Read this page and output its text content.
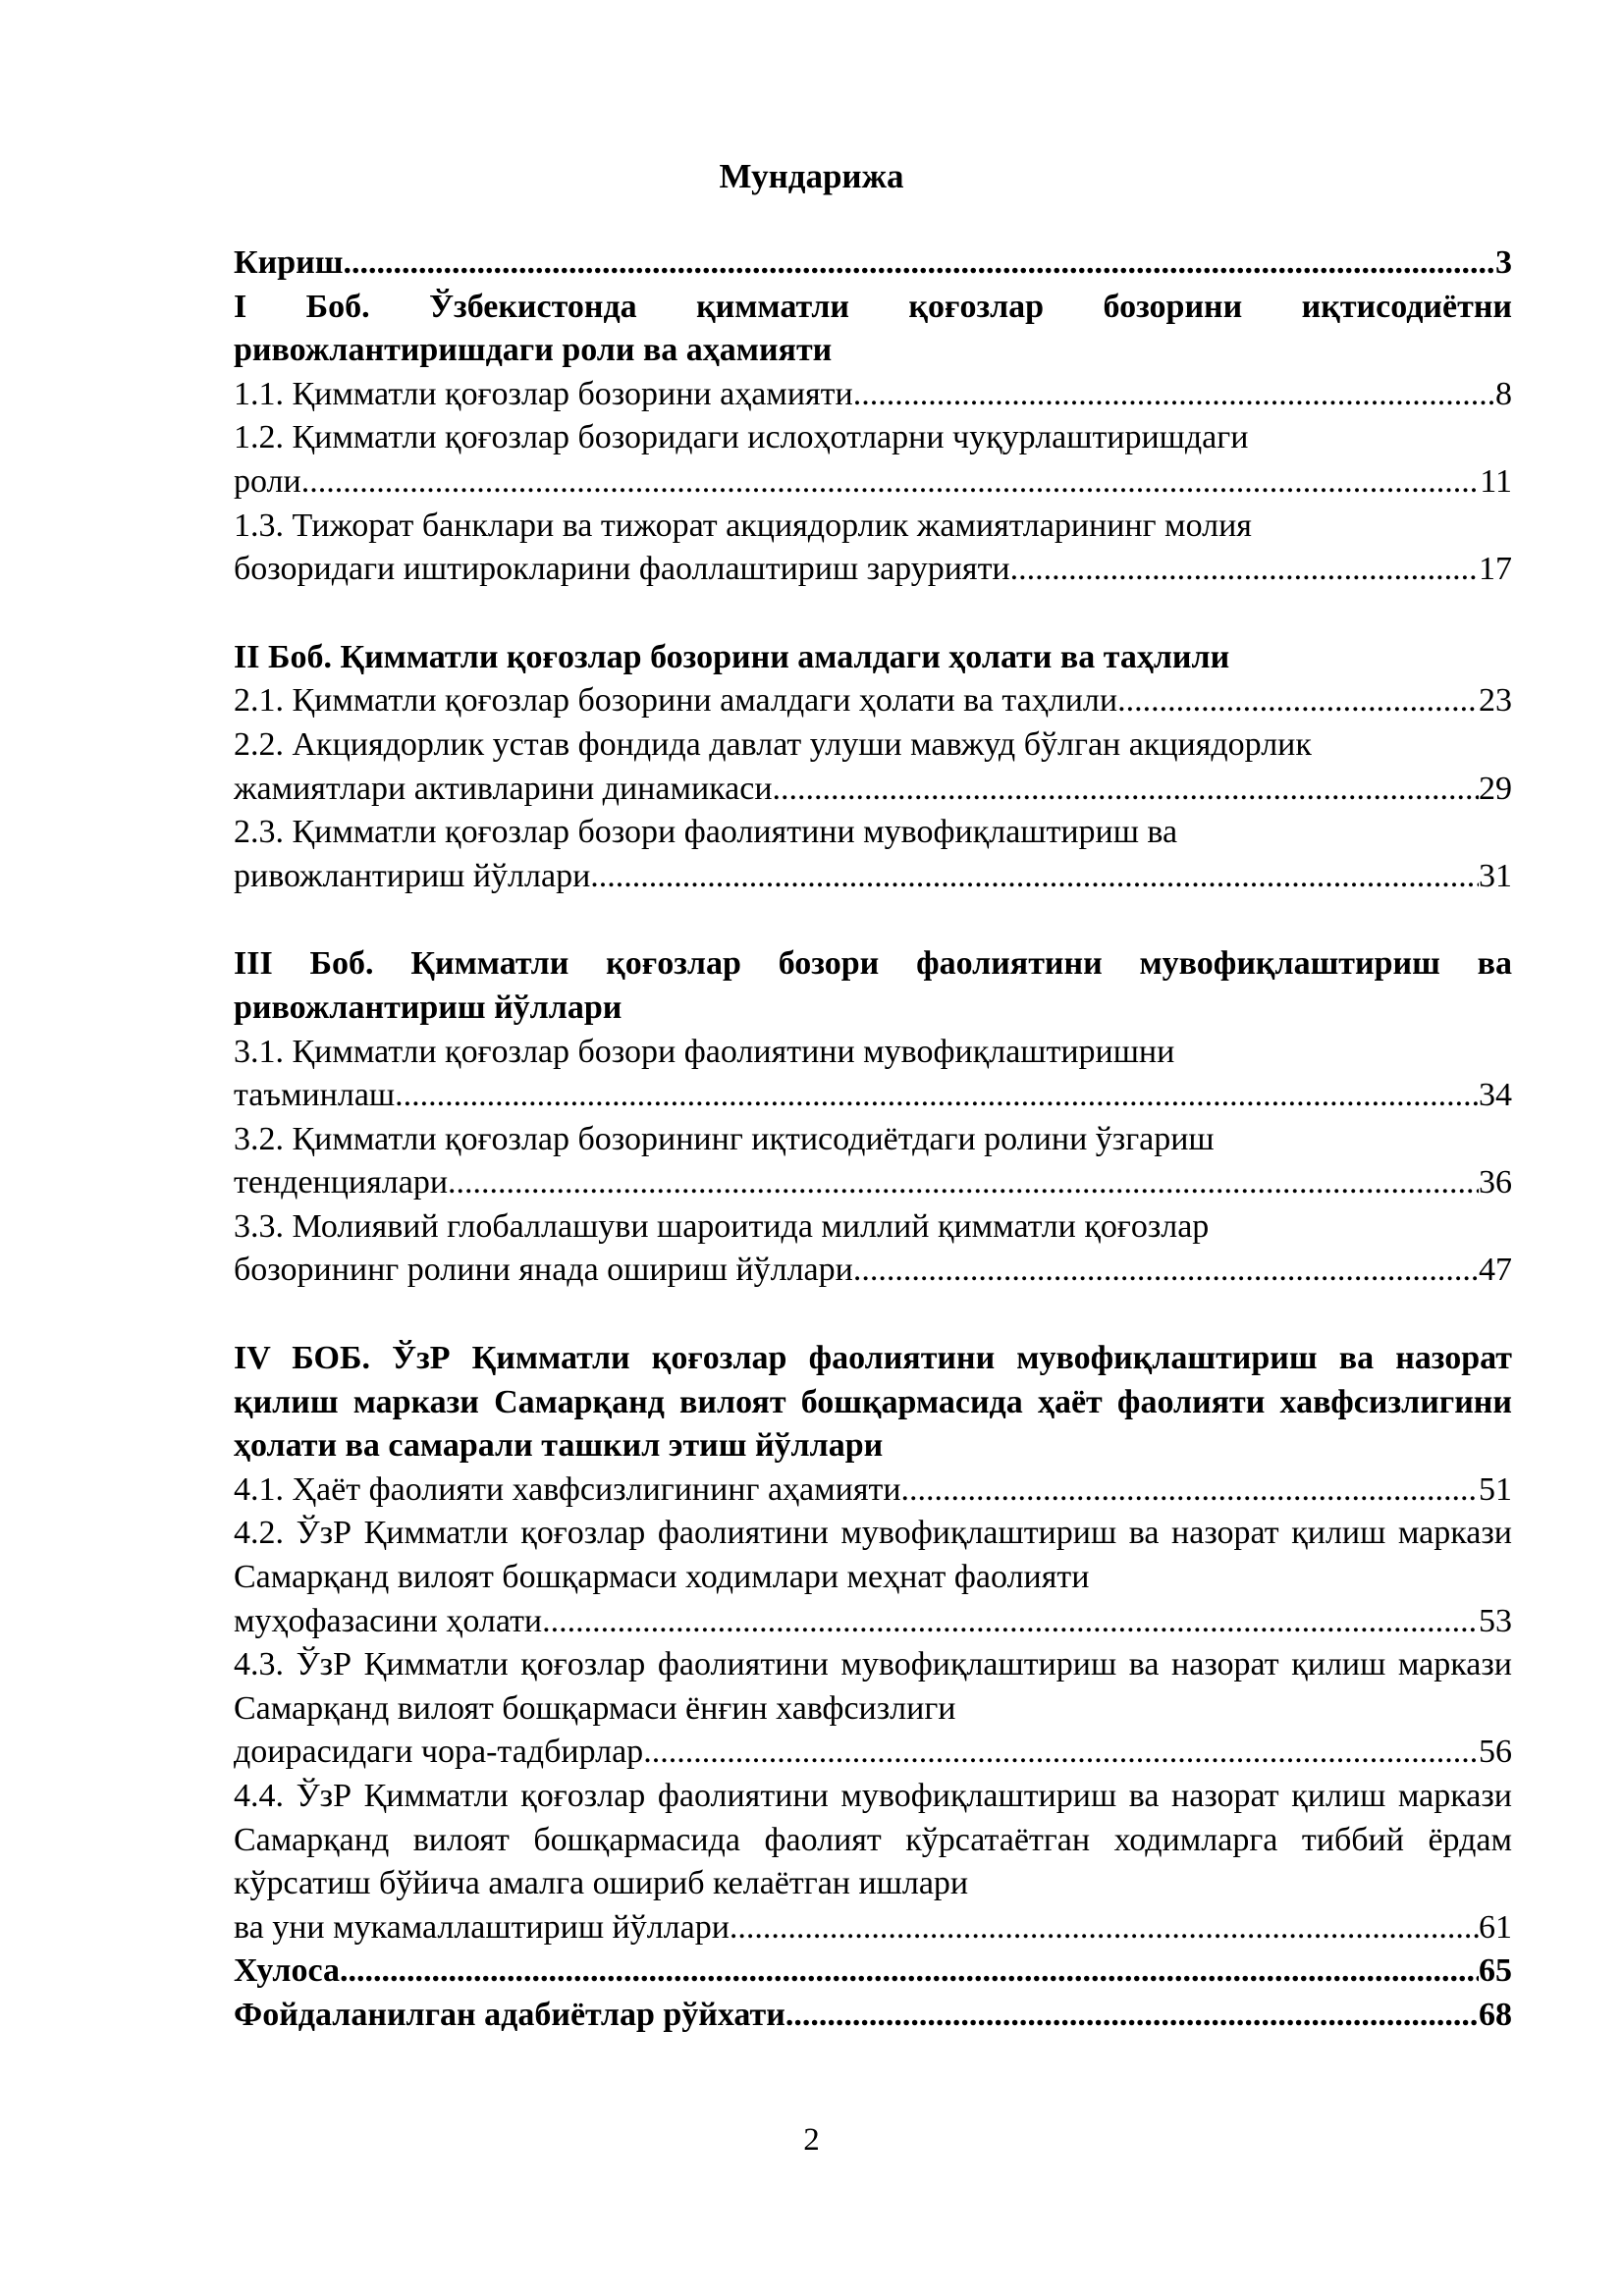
Мундарижа
Кириш .....	3

I Боб. Ўзбекистонда қимматли қоғозлар бозорини иқтисодиётни ривожлантиришдаги роли ва аҳамияти

1.1. Қимматли қоғозлар бозорини аҳамияти .....	8

1.2. Қимматли қоғозлар бозоридаги ислоҳотларни чуқурлаштиришдаги

роли .....	11

1.3. Тижорат банклари ва тижорат акциядорлик жамиятларининг молия

бозоридаги иштирокларини фаоллаштириш зарурияти .....	17

II Боб. Қимматли қоғозлар бозорини амалдаги ҳолати ва таҳлили

2.1. Қимматли қоғозлар бозорини амалдаги ҳолати ва таҳлили .....	23

2.2. Акциядорлик устав фондида давлат улуши мавжуд бўлган акциядорлик

жамиятлари активларини динамикаси .....	29

2.3. Қимматли қоғозлар бозори фаолиятини мувофиқлаштириш ва

ривожлантириш йўллари .....	31

III Боб. Қимматли қоғозлар бозори фаолиятини мувофиқлаштириш ва ривожлантириш йўллари

3.1. Қимматли қоғозлар бозори фаолиятини мувофиқлаштиришни

таъминлаш .....	34

3.2. Қимматли қоғозлар бозорининг иқтисодиётдаги ролини ўзгариш

тенденциялари .....	36

3.3. Молиявий глобаллашуви шароитида миллий қимматли қоғозлар

бозорининг ролини янада ошириш йўллари .....	47

IV БОБ. ЎзР Қимматли қоғозлар фаолиятини мувофиқлаштириш ва назорат қилиш маркази Самарқанд вилоят бошқармасида ҳаёт фаолияти хавфсизлигини ҳолати ва самарали ташкил этиш йўллари

4.1. Ҳаёт фаолияти хавфсизлигининг аҳамияти .....	51

4.2. ЎзР Қимматли қоғозлар фаолиятини мувофиқлаштириш ва назорат қилиш маркази Самарқанд вилоят бошқармаси ходимлари меҳнат фаолияти

муҳофазасини ҳолати .....	53

4.3. ЎзР Қимматли қоғозлар фаолиятини мувофиқлаштириш ва назорат қилиш маркази Самарқанд вилоят бошқармаси ёнғин хавфсизлиги

доирасидаги чора-тадбирлар .....	56

4.4. ЎзР Қимматли қоғозлар фаолиятини мувофиқлаштириш ва назорат қилиш маркази Самарқанд вилоят бошқармасида фаолият кўрсатаётган ходимларга тиббий ёрдам кўрсатиш бўйича амалга ошириб келаётган ишлари

ва уни мукамаллаштириш йўллари .....	61
Хулоса .....	65
Фойдаланилган адабиётлар рўйхати .....	68
2
